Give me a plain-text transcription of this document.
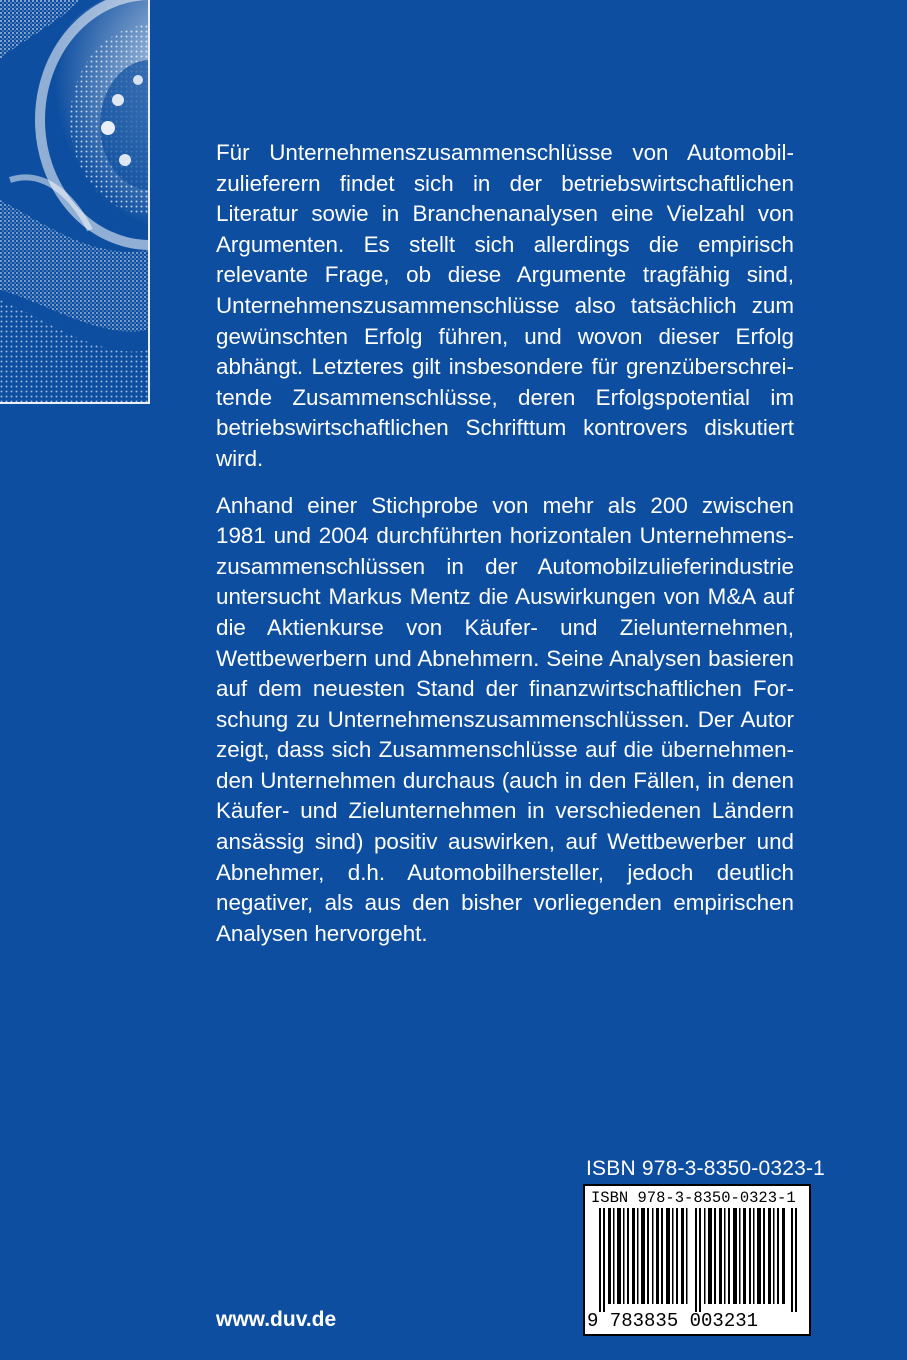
Für Unternehmenszusammenschlüsse von Automobilzulieferern findet sich in der betriebswirtschaftlichen Literatur sowie in Branchenanalysen eine Vielzahl von Argumenten. Es stellt sich allerdings die empirisch relevante Frage, ob diese Argumente tragfähig sind, Unternehmenszusammenschlüsse also tatsächlich zum gewünschten Erfolg führen, und wovon dieser Erfolg abhängt. Letzteres gilt insbesondere für grenzüberschreitende Zusammenschlüsse, deren Erfolgspotential im betriebswirtschaftlichen Schrifttum kontrovers diskutiert wird.

Anhand einer Stichprobe von mehr als 200 zwischen 1981 und 2004 durchführten horizontalen Unternehmenszusammenschlüssen in der Automobilzulieferindustrie untersucht Markus Mentz die Auswirkungen von M&A auf die Aktienkurse von Käufer- und Zielunternehmen, Wettbewerbern und Abnehmern. Seine Analysen basieren auf dem neuesten Stand der finanzwirtschaftlichen Forschung zu Unternehmenszusammenschlüssen. Der Autor zeigt, dass sich Zusammenschlüsse auf die übernehmenden Unternehmen durchaus (auch in den Fällen, in denen Käufer- und Zielunternehmen in verschiedenen Ländern ansässig sind) positiv auswirken, auf Wettbewerber und Abnehmer, d.h. Automobilhersteller, jedoch deutlich negativer, als aus den bisher vorliegenden empirischen Analysen hervorgeht.

ISBN 978-3-8350-0323-1
ISBN 978-3-8350-0323-1
9 783835 003231
www.duv.de
